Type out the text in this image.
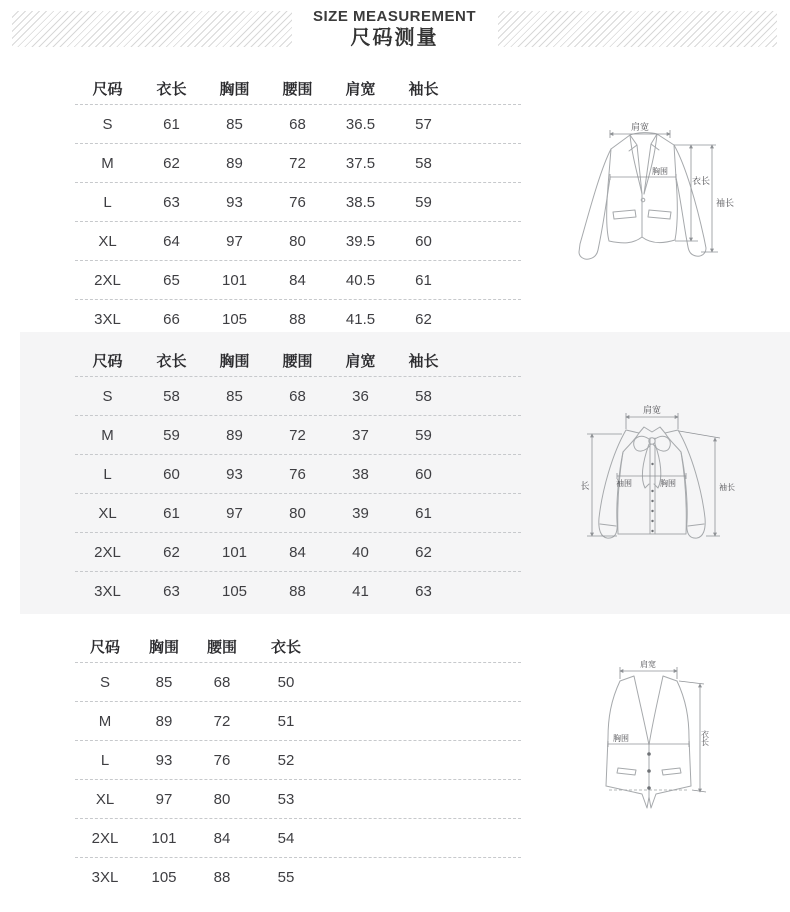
SIZE MEASUREMENT
尺码测量
尺码	衣长	胸围	腰围	肩宽	袖长
S	61	85	68	36.5	57
M	62	89	72	37.5	58
L	63	93	76	38.5	59
XL	64	97	80	39.5	60
2XL	65	101	84	40.5	61
3XL	66	105	88	41.5	62
尺码	衣长	胸围	腰围	肩宽	袖长
S	58	85	68	36	58
M	59	89	72	37	59
L	60	93	76	38	60
XL	61	97	80	39	61
2XL	62	101	84	40	62
3XL	63	105	88	41	63
尺码	胸围	腰围	衣长
S	85	68	50
M	89	72	51
L	93	76	52
XL	97	80	53
2XL	101	84	54
3XL	105	88	55
肩宽
胸围
衣长
袖长
肩宽
长	袖围	胸围	袖长
肩宽
胸围	衣长
